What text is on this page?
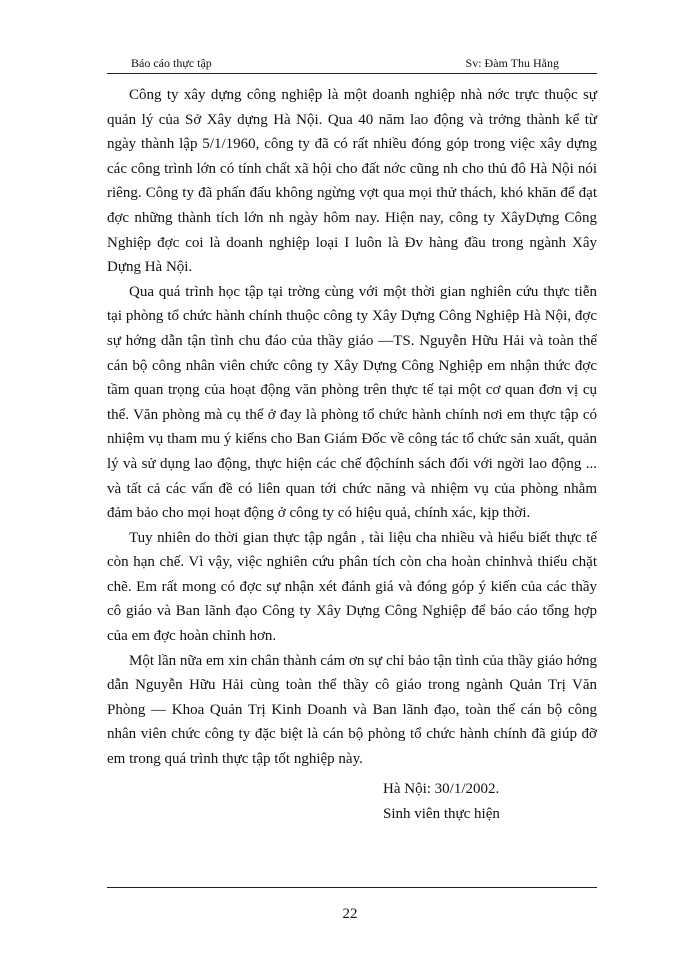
Báo cáo thực tập	Sv: Đàm Thu Hằng

Công ty xây dựng công nghiệp là một doanh nghiệp nhà nớc trực thuộc sự quản lý của Sở Xây dựng Hà Nội. Qua 40 năm lao động và trởng thành kể từ ngày thành lập 5/1/1960, công ty đã có rất nhiều đóng góp trong việc xây dựng các công trình lớn có tính chất xã hội cho đất nớc cũng nh cho thủ đô Hà Nội nói riêng. Công ty đã phấn đấu không ngừng vợt qua mọi thử thách, khó khăn để đạt đợc những thành tích lớn nh ngày hôm nay. Hiện nay, công ty XâyDựng Công Nghiệp đợc coi là doanh nghiệp loại I luôn là Đv hàng đầu trong ngành Xây Dựng Hà Nội.

Qua quá trình học tập tại trờng cùng với một thời gian nghiên cứu thực tiễn tại phòng tổ chức hành chính thuộc công ty Xây Dựng Công Nghiệp Hà Nội, đợc sự hớng dẫn tận tình chu đáo của thầy giáo —TS. Nguyễn Hữu Hải và toàn thể cán bộ công nhân viên chức công ty Xây Dựng Công Nghiệp em nhận thức đợc tầm quan trọng của hoạt động văn phòng trên thực tế tại một cơ quan đơn vị cụ thể. Văn phòng mà cụ thể ở đay là phòng tổ chức hành chính nơi em thực tập có nhiệm vụ tham mu ý kiếns cho Ban Giám Đốc về công tác tổ chức sản xuất, quản lý và sử dụng lao động, thực hiện các chế độchính sách đối với ngời lao động ... và tất cả các vấn đề có liên quan tới chức năng và nhiệm vụ của phòng nhằm đảm bảo cho mọi hoạt động ở công ty có hiệu quả, chính xác, kịp thời.

Tuy nhiên do thời gian thực tập ngắn , tài liệu cha nhiều và hiểu biết thực tế còn hạn chế. Vì vậy, việc nghiên cứu phân tích còn cha hoàn chỉnhvà thiếu chặt chẽ. Em rất mong có đợc sự nhận xét đánh giá và đóng góp ý kiến của các thầy cô giáo và Ban lãnh đạo Công ty Xây Dựng Công Nghiệp để báo cáo tổng hợp của em đợc hoàn chỉnh hơn.

Một lần nữa em xin chân thành cám ơn sự chỉ bảo tận tình của thầy giáo hớng dẫn Nguyễn Hữu Hải cùng toàn thể thầy cô giáo trong ngành Quản Trị Văn Phòng — Khoa Quản Trị Kinh Doanh và Ban lãnh đạo, toàn thể cán bộ công nhân viên chức công ty đặc biệt là cán bộ phòng tổ chức hành chính đã giúp đỡ em trong quá trình thực tập tốt nghiệp này.

Hà Nội: 30/1/2002.
Sinh viên thực hiện
22
